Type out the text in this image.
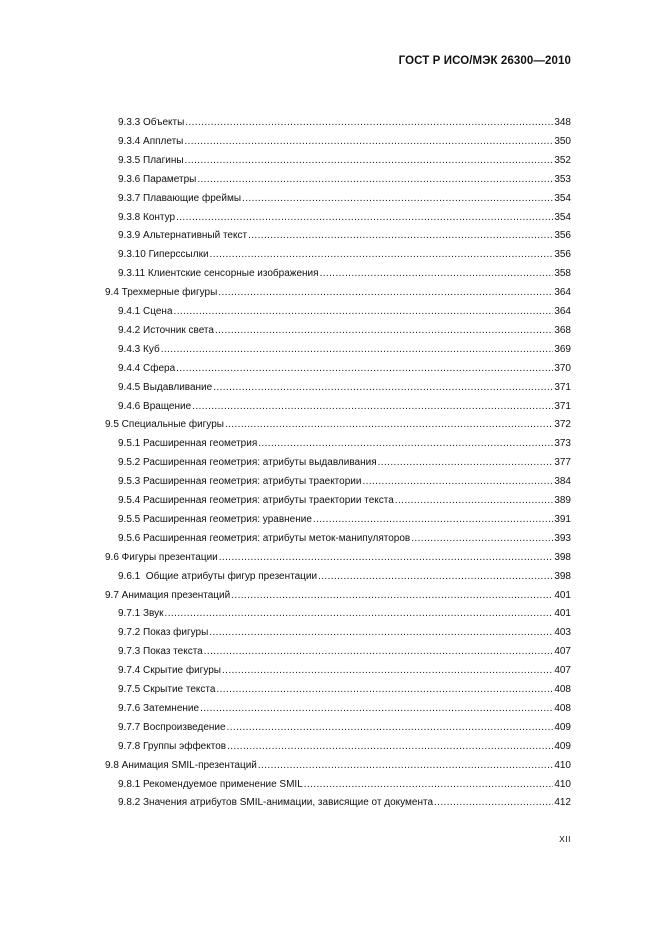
ГОСТ Р ИСО/МЭК 26300—2010
9.3.3 Объекты .....	348
9.3.4 Апплеты .....	350
9.3.5 Плагины .....	352
9.3.6 Параметры .....	353
9.3.7 Плавающие фреймы .....	354
9.3.8 Контур .....	354
9.3.9 Альтернативный текст .....	356
9.3.10 Гиперссылки .....	356
9.3.11 Клиентские сенсорные изображения .....	358
9.4 Трехмерные фигуры .....	364
9.4.1 Сцена .....	364
9.4.2 Источник света .....	368
9.4.3 Куб .....	369
9.4.4 Сфера .....	370
9.4.5 Выдавливание .....	371
9.4.6 Вращение .....	371
9.5 Специальные фигуры .....	372
9.5.1 Расширенная геометрия .....	373
9.5.2 Расширенная геометрия: атрибуты выдавливания .....	377
9.5.3 Расширенная геометрия: атрибуты траектории .....	384
9.5.4 Расширенная геометрия: атрибуты траектории текста .....	389
9.5.5 Расширенная геометрия: уравнение .....	391
9.5.6 Расширенная геометрия: атрибуты меток-манипуляторов .....	393
9.6 Фигуры презентации .....	398
9.6.1  Общие атрибуты фигур презентации .....	398
9.7 Анимация презентаций .....	401
9.7.1 Звук .....	401
9.7.2 Показ фигуры .....	403
9.7.3 Показ текста .....	407
9.7.4 Скрытие фигуры .....	407
9.7.5 Скрытие текста .....	408
9.7.6 Затемнение .....	408
9.7.7 Воспроизведение .....	409
9.7.8 Группы эффектов .....	409
9.8 Анимация SMIL-презентаций .....	410
9.8.1 Рекомендуемое применение SMIL .....	410
9.8.2 Значения атрибутов SMIL-анимации, зависящие от документа .....	412
XII
